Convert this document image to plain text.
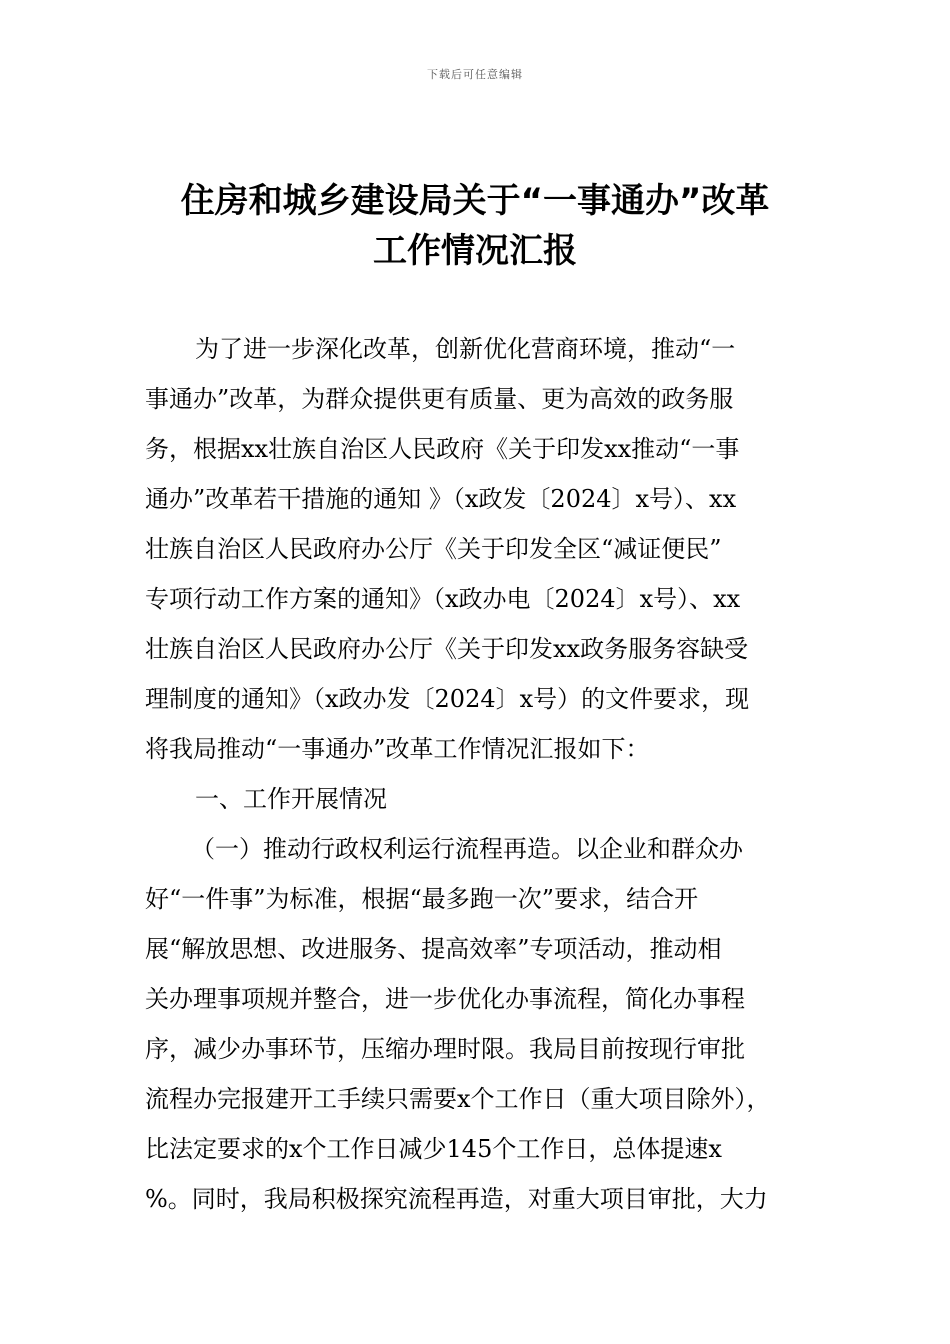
下载后可任意编辑
住房和城乡建设局关于“一事通办”改革
工作情况汇报
为了进一步深化改革，创新优化营商环境，推动“一
事通办”改革，为群众提供更有质量、更为高效的政务服
务，根据xx壮族自治区人民政府《关于印发xx推动“一事
通办”改革若干措施的通知 》（x政发〔2024〕x号）、xx
壮族自治区人民政府办公厅《关于印发全区“减证便民”
专项行动工作方案的通知》（x政办电〔2024〕x号）、xx
壮族自治区人民政府办公厅《关于印发xx政务服务容缺受
理制度的通知》（x政办发〔2024〕x号）的文件要求，现
将我局推动“一事通办”改革工作情况汇报如下：
一、工作开展情况
（一）推动行政权利运行流程再造。以企业和群众办
好“一件事”为标准，根据“最多跑一次”要求，结合开
展“解放思想、改进服务、提高效率”专项活动，推动相
关办理事项规并整合，进一步优化办事流程，简化办事程
序，减少办事环节，压缩办理时限。我局目前按现行审批
流程办完报建开工手续只需要x个工作日（重大项目除外），
比法定要求的x个工作日减少145个工作日，总体提速x
%。同时，我局积极探究流程再造，对重大项目审批，大力
